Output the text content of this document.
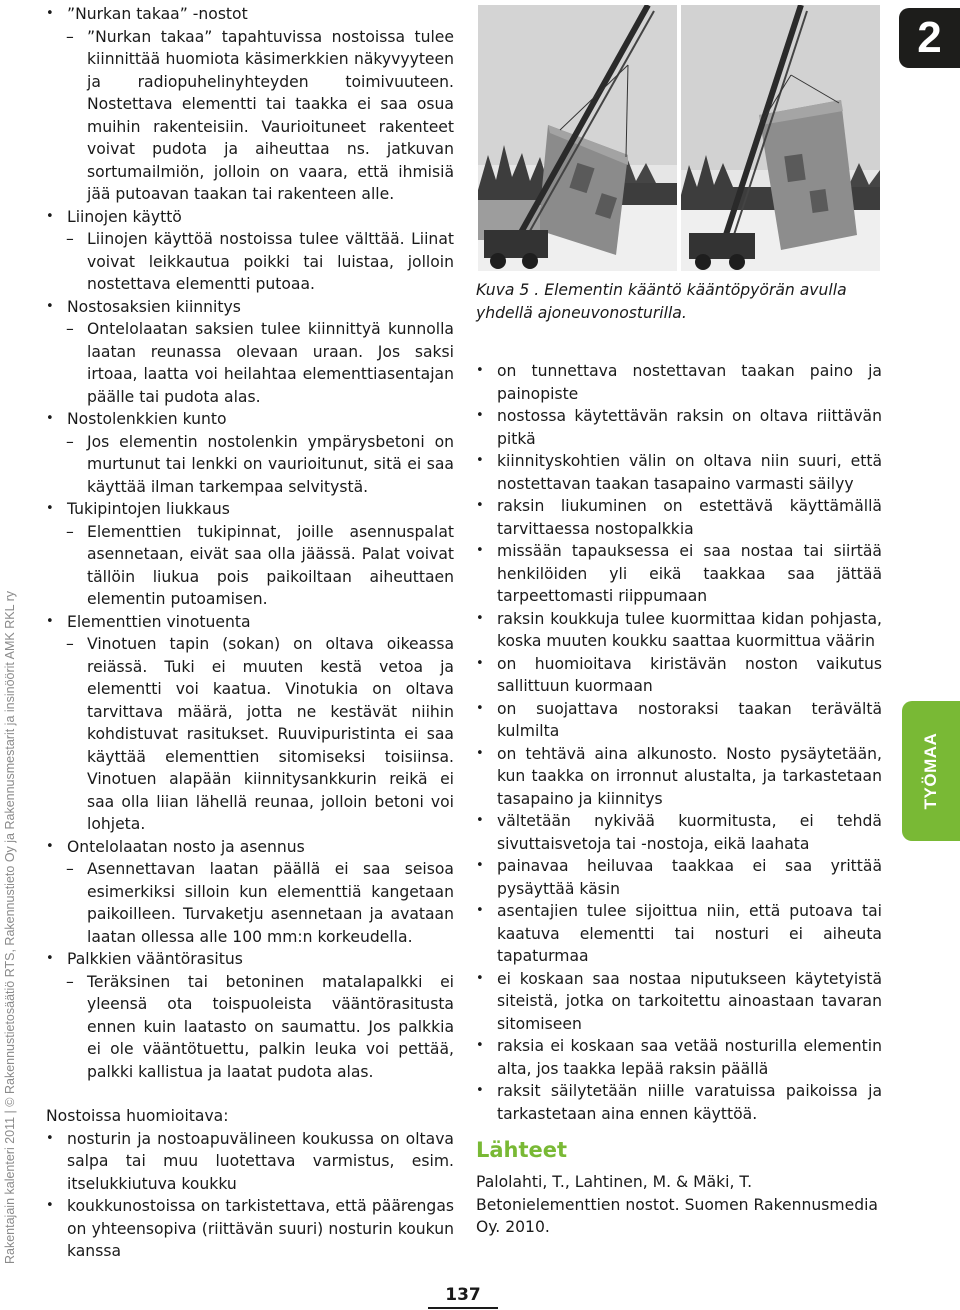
Rakentajain kalenteri 2011 | © Rakennustietosäätiö RTS, Rakennustieto Oy ja Rakennusmestarit ja insinöörit AMK RKL ry
• ”Nurkan takaa” -nostot
– ”Nurkan takaa” tapahtuvissa nostoissa tulee kiinnittää huomiota käsimerkkien näkyvyyteen ja radiopuhelinyhteyden toimivuuteen. Nostettava elementti tai taakka ei saa osua muihin rakenteisiin. Vaurioituneet rakenteet voivat pudota ja aiheuttaa ns. jatkuvan sortumailmiön, jolloin on vaara, että ihmisiä jää putoavan taakan tai rakenteen alle.
• Liinojen käyttö
– Liinojen käyttöä nostoissa tulee välttää. Liinat voivat leikkautua poikki tai luistaa, jolloin nostettava elementti putoaa.
• Nostosaksien kiinnitys
– Ontelolaatan saksien tulee kiinnittyä kunnolla laatan reunassa olevaan uraan. Jos saksi irtoaa, laatta voi heilahtaa elementtiasentajan päälle tai pudota alas.
• Nostolenkkien kunto
– Jos elementin nostolenkin ympärysbetoni on murtunut tai lenkki on vaurioitunut, sitä ei saa käyttää ilman tarkempaa selvitystä.
• Tukipintojen liukkaus
– Elementtien tukipinnat, joille asennuspalat asennetaan, eivät saa olla jäässä. Palat voivat tällöin liukua pois paikoiltaan aiheuttaen elementin putoamisen.
• Elementtien vinotuenta
– Vinotuen tapin (sokan) on oltava oikeassa reiässä. Tuki ei muuten kestä vetoa ja elementti voi kaatua. Vinotukia on oltava tarvittava määrä, jotta ne kestävät niihin kohdistuvat rasitukset. Ruuvipuristinta ei saa käyttää elementtien sitomiseksi toisiinsa. Vinotuen alapään kiinnitysankkurin reikä ei saa olla liian lähellä reunaa, jolloin betoni voi lohjeta.
• Ontelolaatan nosto ja asennus
– Asennettavan laatan päällä ei saa seisoa esimerkiksi silloin kun elementtiä kangetaan paikoilleen. Turvaketju asennetaan ja avataan laatan ollessa alle 100 mm:n korkeudella.
• Palkkien vääntörasitus
– Teräksinen tai betoninen matalapalkki ei yleensä ota toispuoleista vääntörasitusta ennen kuin laatasto on saumattu. Jos palkkia ei ole vääntötuettu, palkin leuka voi pettää, palkki kallistua ja laatat pudota alas.
Nostoissa huomioitava:
• nosturin ja nostoapuvälineen koukussa on oltava salpa tai muu luotettava varmistus, esim. itselukkiutuva koukku
• koukkunostoissa on tarkistettava, että päärengas on yhteensopiva (riittävän suuri) nosturin koukun kanssa
Kuva 5 . Elementin kääntö kääntöpyörän avulla yhdellä ajoneuvonosturilla.
• on tunnettava nostettavan taakan paino ja painopiste
• nostossa käytettävän raksin on oltava riittävän pitkä
• kiinnityskohtien välin on oltava niin suuri, että nostettavan taakan tasapaino varmasti säilyy
• raksin liukuminen on estettävä käyttämällä tarvittaessa nostopalkkia
• missään tapauksessa ei saa nostaa tai siirtää henkilöiden yli eikä taakkaa saa jättää tarpeettomasti riippumaan
• raksin koukkuja tulee kuormittaa kidan pohjasta, koska muuten koukku saattaa kuormittua väärin
• on huomioitava kiristävän noston vaikutus sallittuun kuormaan
• on suojattava nostoraksi taakan terävältä kulmilta
• on tehtävä aina alkunosto. Nosto pysäytetään, kun taakka on irronnut alustalta, ja tarkastetaan tasapaino ja kiinnitys
• vältetään nykivää kuormitusta, ei tehdä sivuttaisvetoja tai -nostoja, eikä laahata
• painavaa heiluvaa taakkaa ei saa yrittää pysäyttää käsin
• asentajien tulee sijoittua niin, että putoava tai kaatuva elementti tai nosturi ei aiheuta tapaturmaa
• ei koskaan saa nostaa niputukseen käytetyistä siteistä, jotka on tarkoitettu ainoastaan tavaran sitomiseen
• raksia ei koskaan saa vetää nosturilla elementin alta, jos taakka lepää raksin päällä
• raksit säilytetään niille varatuissa paikoissa ja tarkastetaan aina ennen käyttöä.
Lähteet
Palolahti, T., Lahtinen, M. & Mäki, T. Betonielementtien nostot. Suomen Rakennusmedia Oy. 2010.
2
TYÖMAA
137
